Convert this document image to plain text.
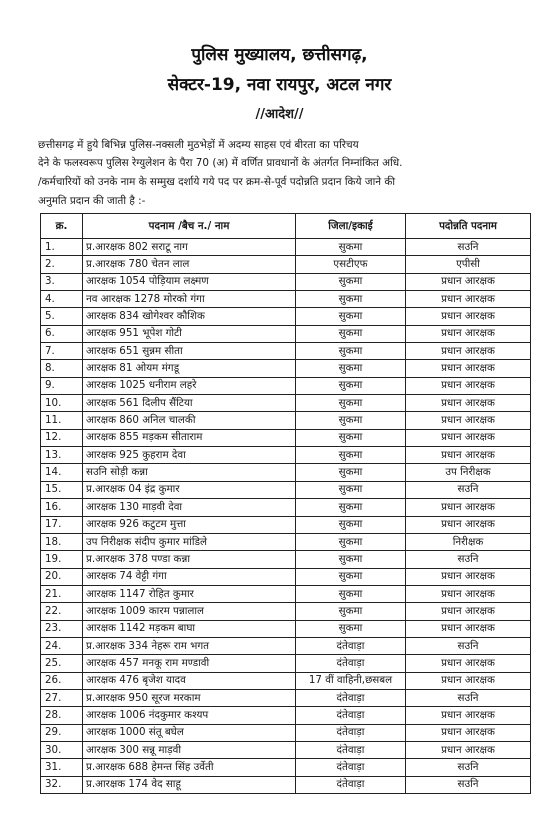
पुलिस मुख्यालय, छत्तीसगढ़,
सेक्टर-19, नवा रायपुर, अटल नगर
//आदेश//
छत्तीसगढ़ में हुये बिभिन्न पुलिस-नक्सली मुठभेड़ों में अदम्य साहस एवं बीरता का परिचय
देने के फलस्वरूप पुलिस रेग्युलेशन के पैरा 70 (अ) में वर्णित प्रावधानों के अंतर्गत निम्नांकित अधि.
/कर्मचारियों को उनके नाम के सम्मुख दर्शाये गये पद पर क्रम-से-पूर्व पदोन्नति प्रदान किये जाने की
अनुमति प्रदान की जाती है :-
क्र.	पदनाम /बैच न./ नाम	जिला/इकाई	पदोन्नति पदनाम
1.	प्र.आरक्षक 802 सराटू नाग	सुकमा	सउनि
2.	प्र.आरक्षक 780 चेतन लाल	एसटीएफ	एपीसी
3.	आरक्षक 1054 पोड़ियाम लक्ष्मण	सुकमा	प्रधान आरक्षक
4.	नव आरक्षक 1278 मोरको गंगा	सुकमा	प्रधान आरक्षक
5.	आरक्षक 834 खोगेश्वर कौशिक	सुकमा	प्रधान आरक्षक
6.	आरक्षक 951 भूपेश गोटी	सुकमा	प्रधान आरक्षक
7.	आरक्षक 651 सुन्नम सीता	सुकमा	प्रधान आरक्षक
8.	आरक्षक 81 ओयम मंगडू	सुकमा	प्रधान आरक्षक
9.	आरक्षक 1025 धनीराम लहरे	सुकमा	प्रधान आरक्षक
10.	आरक्षक 561 दिलीप सैंटिया	सुकमा	प्रधान आरक्षक
11.	आरक्षक 860 अनिल चालकी	सुकमा	प्रधान आरक्षक
12.	आरक्षक 855 मड़कम सीताराम	सुकमा	प्रधान आरक्षक
13.	आरक्षक 925 कुहराम देवा	सुकमा	प्रधान आरक्षक
14.	सउनि सोड़ी कन्ना	सुकमा	उप निरीक्षक
15.	प्र.आरक्षक 04 इंद्र कुमार	सुकमा	सउनि
16.	आरक्षक 130 माड़वी देवा	सुकमा	प्रधान आरक्षक
17.	आरक्षक 926 कटुटम मुत्ता	सुकमा	प्रधान आरक्षक
18.	उप निरीक्षक संदीप कुमार मांडिले	सुकमा	निरीक्षक
19.	प्र.आरक्षक 378 पण्डा कन्ना	सुकमा	सउनि
20.	आरक्षक 74 वेट्टी गंगा	सुकमा	प्रधान आरक्षक
21.	आरक्षक 1147 रोहित कुमार	सुकमा	प्रधान आरक्षक
22.	आरक्षक 1009 कारम पन्नालाल	सुकमा	प्रधान आरक्षक
23.	आरक्षक 1142 मड़कम बाघा	सुकमा	प्रधान आरक्षक
24.	प्र.आरक्षक 334 नेहरू राम भगत	दंतेवाड़ा	सउनि
25.	आरक्षक 457 मनकू राम मण्डावी	दंतेवाड़ा	प्रधान आरक्षक
26.	आरक्षक 476 बृजेश यादव	17 वीं वाहिनी,छसबल	प्रधान आरक्षक
27.	प्र.आरक्षक 950 सूरज मरकाम	दंतेवाड़ा	सउनि
28.	आरक्षक 1006 नंदकुमार कश्यप	दंतेवाड़ा	प्रधान आरक्षक
29.	आरक्षक 1000 संतू बघेल	दंतेवाड़ा	प्रधान आरक्षक
30.	आरक्षक 300 सन्नू माड़वी	दंतेवाड़ा	प्रधान आरक्षक
31.	प्र.आरक्षक 688 हेमन्त सिंह उर्वेती	दंतेवाड़ा	सउनि
32.	प्र.आरक्षक 174 वेद साहू	दंतेवाड़ा	सउनि
